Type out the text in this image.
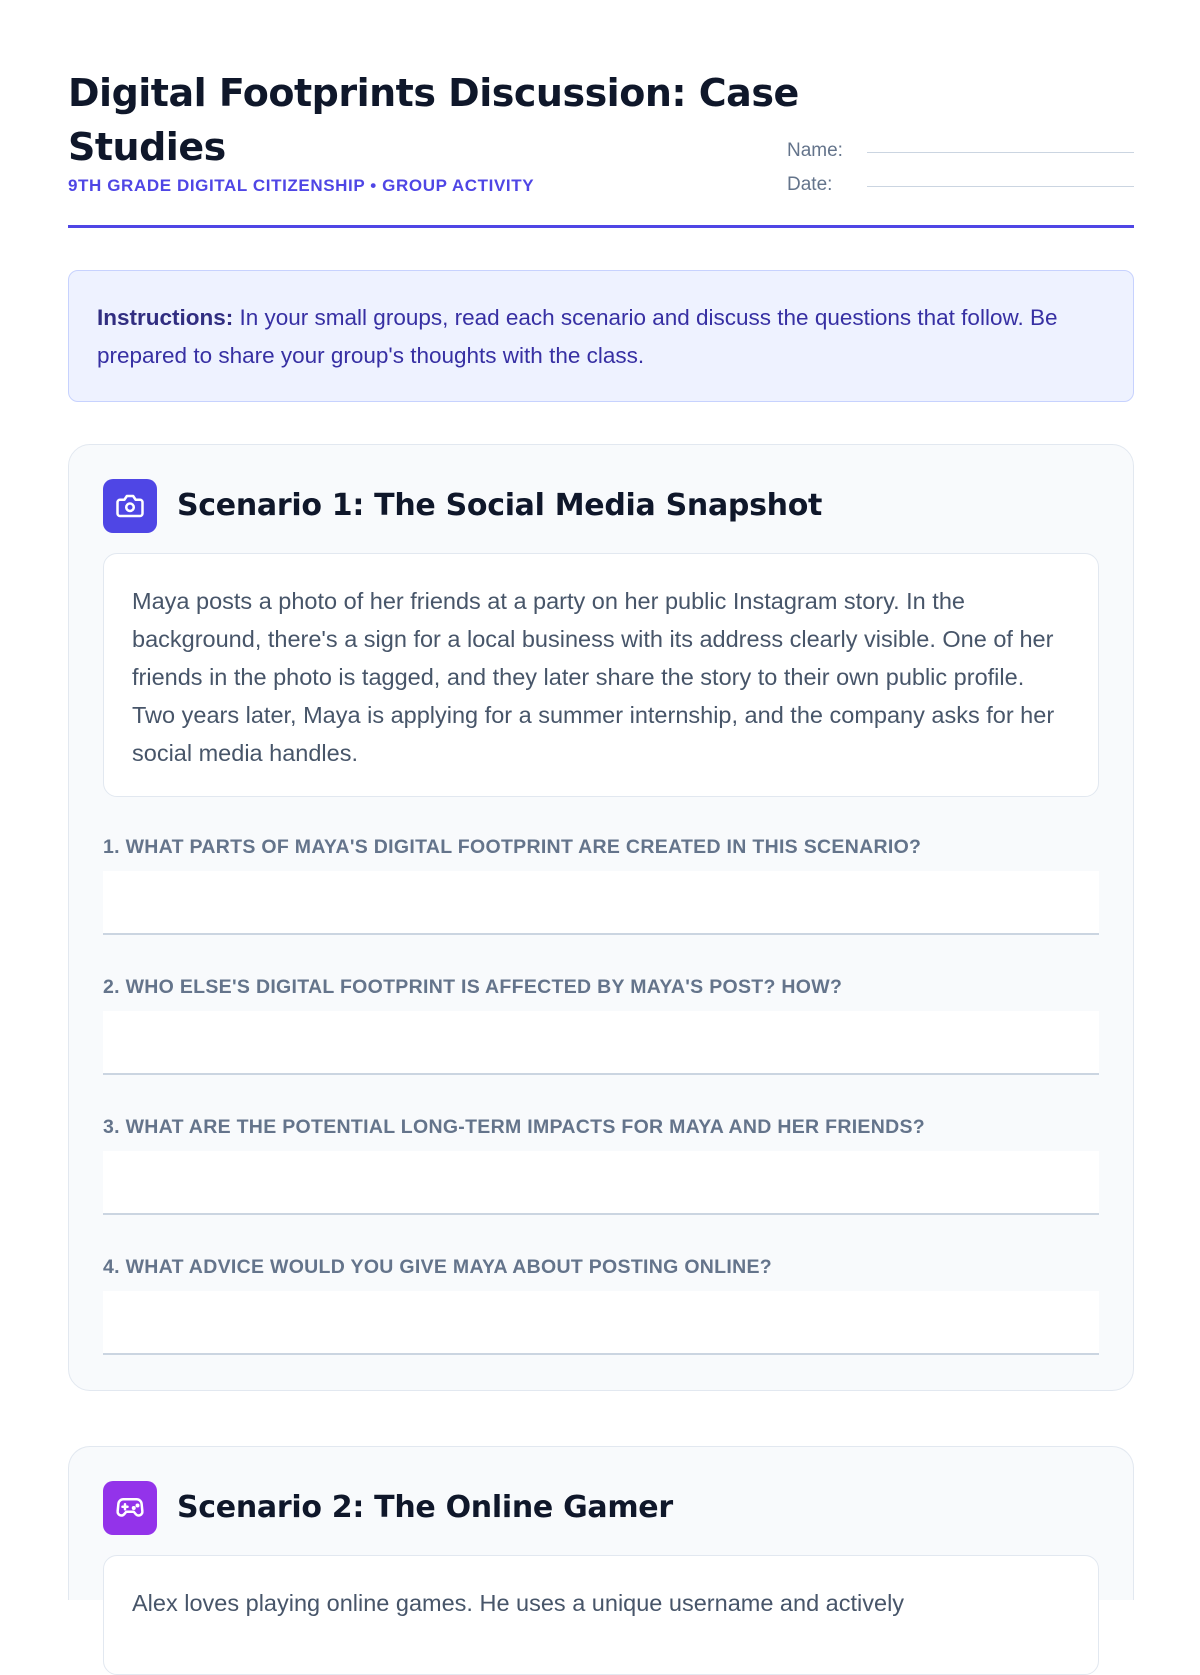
Digital Footprints Discussion: Case Studies
9TH GRADE DIGITAL CITIZENSHIP • GROUP ACTIVITY
Name:
Date:
Instructions: In your small groups, read each scenario and discuss the questions that follow. Be prepared to share your group's thoughts with the class.
Scenario 1: The Social Media Snapshot
Maya posts a photo of her friends at a party on her public Instagram story. In the background, there's a sign for a local business with its address clearly visible. One of her friends in the photo is tagged, and they later share the story to their own public profile. Two years later, Maya is applying for a summer internship, and the company asks for her social media handles.
1. WHAT PARTS OF MAYA'S DIGITAL FOOTPRINT ARE CREATED IN THIS SCENARIO?
2. WHO ELSE'S DIGITAL FOOTPRINT IS AFFECTED BY MAYA'S POST? HOW?
3. WHAT ARE THE POTENTIAL LONG-TERM IMPACTS FOR MAYA AND HER FRIENDS?
4. WHAT ADVICE WOULD YOU GIVE MAYA ABOUT POSTING ONLINE?
Scenario 2: The Online Gamer
Alex loves playing online games. He uses a unique username and actively
